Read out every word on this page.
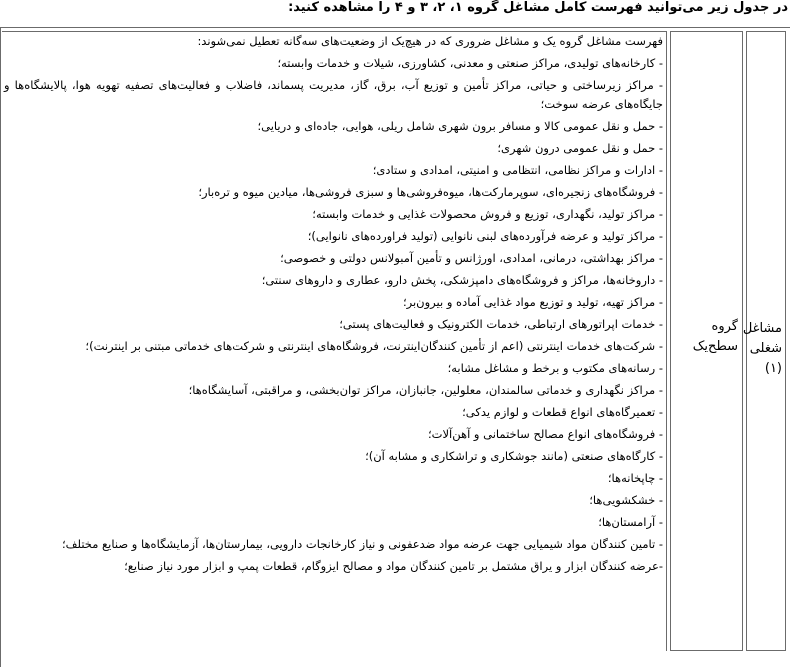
در جدول زیر می‌توانید فهرست کامل مشاغل گروه ۱، ۲، ۳ و ۴ را مشاهده کنید:
مشاغل
شغلی
(۱)
گروه
سطح‌یک

فهرست مشاغل گروه یک و مشاغل ضروری که در هیچ‌یک از وضعیت‌های سه‌گانه تعطیل نمی‌شوند:

- کارخانه‌های تولیدی، مراکز صنعتی و معدنی، کشاورزی، شیلات و خدمات وابسته؛

- مراکز زیرساختی و حیاتی، مراکز تأمین و توزیع آب، برق، گاز، مدیریت پسماند، فاضلاب و فعالیت‌های تصفیه تهویه هوا، پالایشگاه‌ها و جایگاه‌های عرضه سوخت؛

- حمل و نقل عمومی کالا و مسافر برون شهری شامل ریلی، هوایی، جاده‌ای و دریایی؛

- حمل و نقل عمومی درون شهری؛

- ادارات و مراکز نظامی، انتظامی و امنیتی، امدادی و ستادی؛

- فروشگاه‌های زنجیره‌ای، سوپرمارکت‌ها، میوه‌فروشی‌ها و سبزی فروشی‌ها، میادین میوه و تره‌بار؛

- مراکز تولید، نگهداری، توزیع و فروش محصولات غذایی و خدمات وابسته؛

- مراکز تولید و عرضه فرآورده‌های لبنی نانوایی (تولید فراورده‌های نانوایی)؛

- مراکز بهداشتی، درمانی، امدادی، اورژانس و تأمین آمبولانس دولتی و خصوصی؛

- داروخانه‌ها، مراکز و فروشگاه‌های دامپزشکی، پخش دارو، عطاری و داروهای سنتی؛

- مراکز تهیه، تولید و توزیع مواد غذایی آماده و بیرون‌بر؛

- خدمات اپراتورهای ارتباطی، خدمات الکترونیک و فعالیت‌های پستی؛

- شرکت‌های خدمات اینترنتی (اعم از تأمین کنندگان‌اینترنت، فروشگاه‌های اینترنتی و شرکت‌های خدماتی مبتنی بر اینترنت)؛

- رسانه‌های مکتوب و برخط و مشاغل مشابه؛

- مراکز نگهداری و خدماتی سالمندان، معلولین، جانبازان، مراکز توان‌بخشی، و مراقبتی، آسایشگاه‌ها؛

- تعمیرگاه‌های انواع قطعات و لوازم یدکی؛

- فروشگاه‌های انواع مصالح ساختمانی و آهن‌آلات؛

- کارگاه‌های صنعتی (مانند جوشکاری و تراشکاری و مشابه آن)؛

- چاپخانه‌ها؛

- خشکشویی‌ها؛

- آرامستان‌ها؛

- تامین کنندگان مواد شیمیایی جهت عرضه مواد ضدعفونی و نیاز کارخانجات دارویی، بیمارستان‌ها، آزمایشگاه‌ها و صنایع مختلف؛

-عرضه کنندگان ابزار و یراق مشتمل بر تامین کنندگان مواد و مصالح ایزوگام، قطعات پمپ و ابزار مورد نیاز صنایع؛
